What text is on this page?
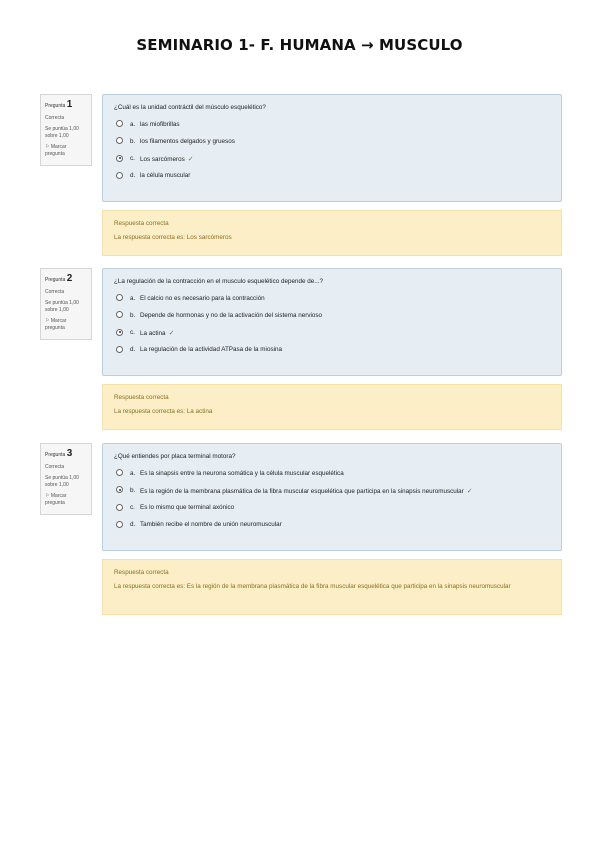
SEMINARIO 1- F. HUMANA → MUSCULO
Pregunta 1
Correcta
Se puntúa 1,00 sobre 1,00
⚐ Marcar pregunta
¿Cuál es la unidad contráctil del músculo esquelético?
a. las miofibrillas
b. los filamentos delgados y gruesos
c. Los sarcómeros ✓
d. la célula muscular
Respuesta correcta
La respuesta correcta es: Los sarcómeros
Pregunta 2
Correcta
Se puntúa 1,00 sobre 1,00
⚐ Marcar pregunta
¿La regulación de la contracción en el musculo esquelético depende de...?
a. El calcio no es necesario para la contracción
b. Depende de hormonas y no de la activación del sistema nervioso
c. La actina ✓
d. La regulación de la actividad ATPasa de la miosina
Respuesta correcta
La respuesta correcta es: La actina
Pregunta 3
Correcta
Se puntúa 1,00 sobre 1,00
⚐ Marcar pregunta
¿Qué entiendes por placa terminal motora?
a. Es la sinapsis entre la neurona somática y la célula muscular esquelética
b. Es la región de la membrana plasmática de la fibra muscular esquelética que participa en la sinapsis neuromuscular ✓
c. Es lo mismo que terminal axónico
d. También recibe el nombre de unión neuromuscular
Respuesta correcta
La respuesta correcta es: Es la región de la membrana plasmática de la fibra muscular esquelética que participa en la sinapsis neuromuscular
